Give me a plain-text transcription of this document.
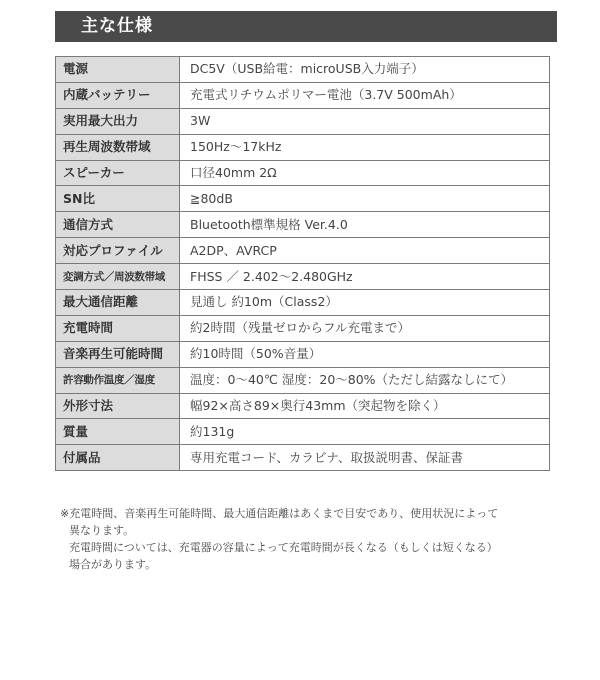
主な仕様
電源	DC5V（USB給電：microUSB入力端子）
内蔵バッテリー	充電式リチウムポリマー電池（3.7V 500mAh）
実用最大出力	3W
再生周波数帯域	150Hz〜17kHz
スピーカー	口径40mm 2Ω
SN比	≧80dB
通信方式	Bluetooth標準規格 Ver.4.0
対応プロファイル	A2DP、AVRCP
変調方式／周波数帯域	FHSS ／ 2.402〜2.480GHz
最大通信距離	見通し 約10m（Class2）
充電時間	約2時間（残量ゼロからフル充電まで）
音楽再生可能時間	約10時間（50%音量）
許容動作温度／湿度	温度：0〜40℃ 湿度：20〜80%（ただし結露なしにて）
外形寸法	幅92×高さ89×奥行43mm（突起物を除く）
質量	約131g
付属品	専用充電コード、カラビナ、取扱説明書、保証書

※充電時間、音楽再生可能時間、最大通信距離はあくまで目安であり、使用状況によって

異なります。

充電時間については、充電器の容量によって充電時間が長くなる（もしくは短くなる）

場合があります。
